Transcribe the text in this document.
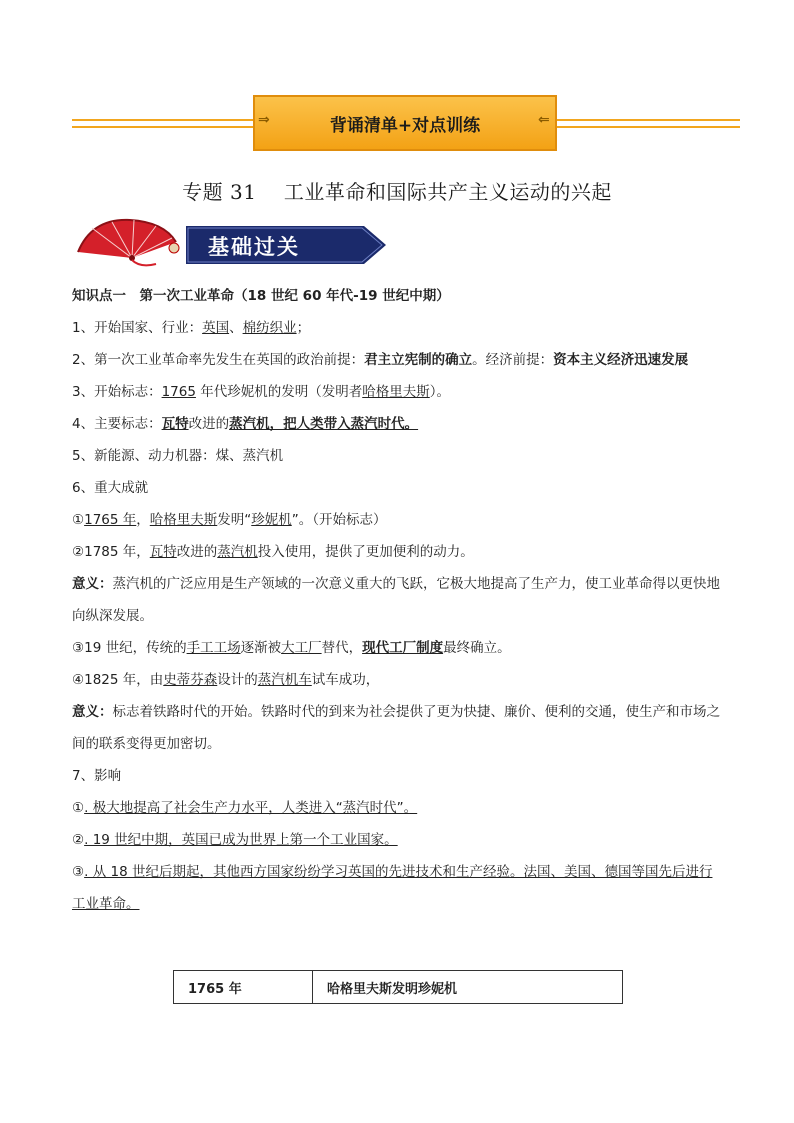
背诵清单+对点训练
⇒	⇐
专题 31　 工业革命和国际共产主义运动的兴起
基础过关

知识点一　第一次工业革命（18 世纪 60 年代-19 世纪中期）

1、开始国家、行业：英国、棉纺织业；

2、第一次工业革命率先发生在英国的政治前提：君主立宪制的确立。经济前提：资本主义经济迅速发展

3、开始标志：1765 年代珍妮机的发明（发明者哈格里夫斯）。

4、主要标志：瓦特改进的蒸汽机，把人类带入蒸汽时代。

5、新能源、动力机器：煤、蒸汽机

6、重大成就

①1765 年，哈格里夫斯发明“珍妮机”。（开始标志）

②1785 年，瓦特改进的蒸汽机投入使用，提供了更加便利的动力。

意义：蒸汽机的广泛应用是生产领域的一次意义重大的飞跃，它极大地提高了生产力，使工业革命得以更快地向纵深发展。

③19 世纪，传统的手工工场逐渐被大工厂替代，现代工厂制度最终确立。

④1825 年，由史蒂芬森设计的蒸汽机车试车成功，

意义：标志着铁路时代的开始。铁路时代的到来为社会提供了更为快捷、廉价、便利的交通，使生产和市场之间的联系变得更加密切。

7、影响

①. 极大地提高了社会生产力水平，人类进入“蒸汽时代”。

②. 19 世纪中期，英国已成为世界上第一个工业国家。

③. 从 18 世纪后期起，其他西方国家纷纷学习英国的先进技术和生产经验。法国、美国、德国等国先后进行工业革命。

1765 年	哈格里夫斯发明珍妮机
